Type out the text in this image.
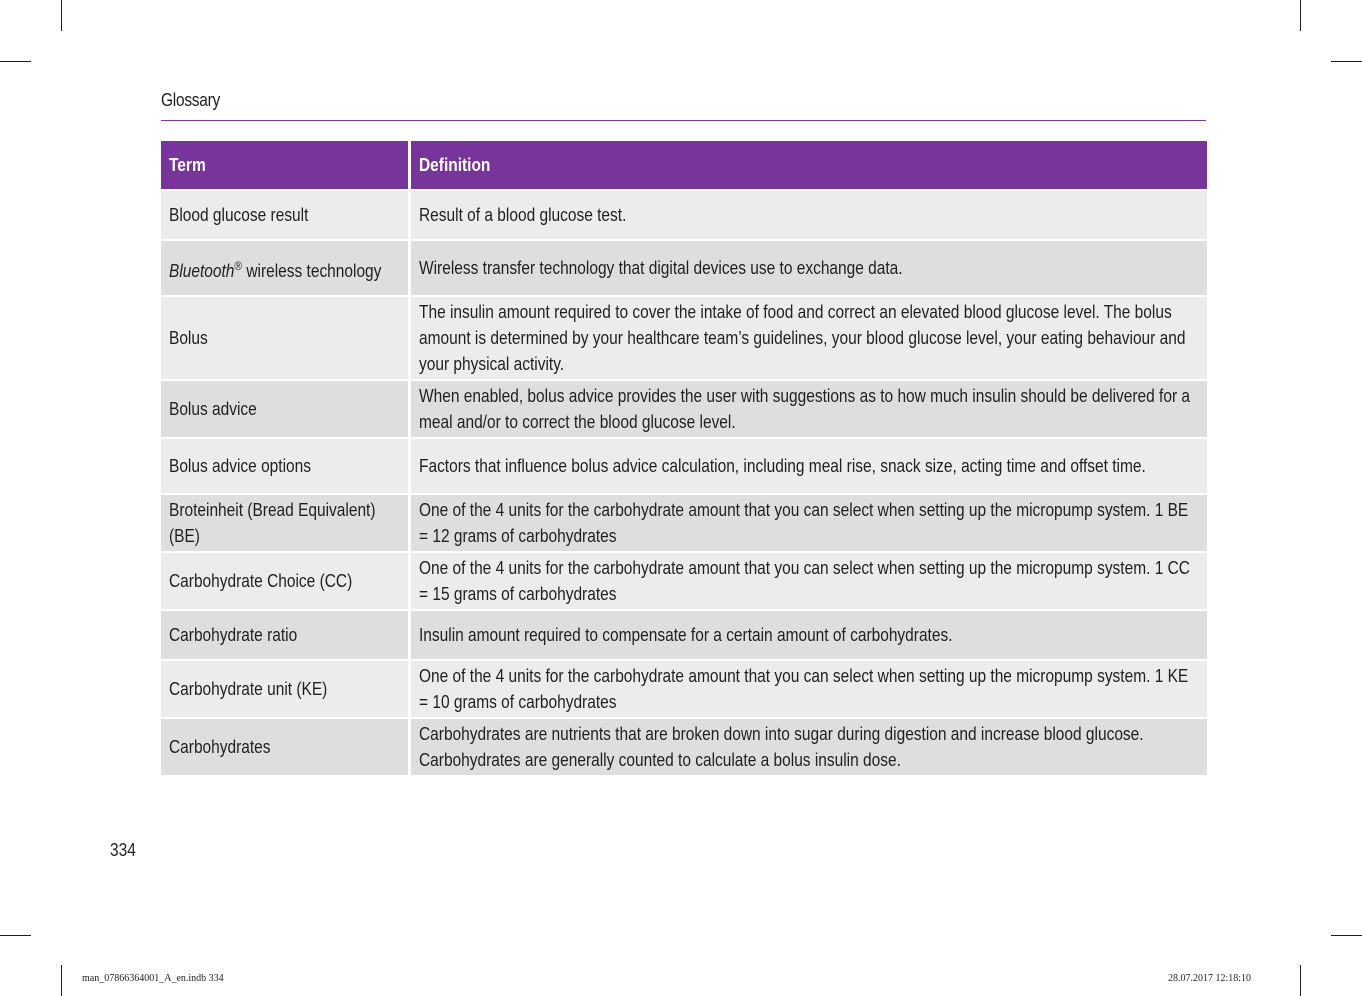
Glossary
Term	Definition

Blood glucose result	Result of a blood glucose test.

Bluetooth® wireless technology	Wireless transfer technology that digital devices use to exchange data.

Bolus	The insulin amount required to cover the intake of food and correct an elevated blood glucose level. The bolus amount is determined by your healthcare team’s guidelines, your blood glucose level, your eating behaviour and your physical activity.

Bolus advice	When enabled, bolus advice provides the user with suggestions as to how much insulin should be delivered for a meal and/or to correct the blood glucose level.

Bolus advice options	Factors that influence bolus advice calculation, including meal rise, snack size, acting time and offset time.

Broteinheit (Bread Equivalent) (BE)	One of the 4 units for the carbohydrate amount that you can select when setting up the micropump system. 1 BE = 12 grams of carbohydrates

Carbohydrate Choice (CC)	One of the 4 units for the carbohydrate amount that you can select when setting up the micropump system. 1 CC = 15 grams of carbohydrates

Carbohydrate ratio	Insulin amount required to compensate for a certain amount of carbohydrates.

Carbohydrate unit (KE)	One of the 4 units for the carbohydrate amount that you can select when setting up the micropump system. 1 KE = 10 grams of carbohydrates

Carbohydrates	Carbohydrates are nutrients that are broken down into sugar during digestion and increase blood glucose. Carbohydrates are generally counted to calculate a bolus insulin dose.
334
man_07866364001_A_en.indb 334	28.07.2017 12:18:10
